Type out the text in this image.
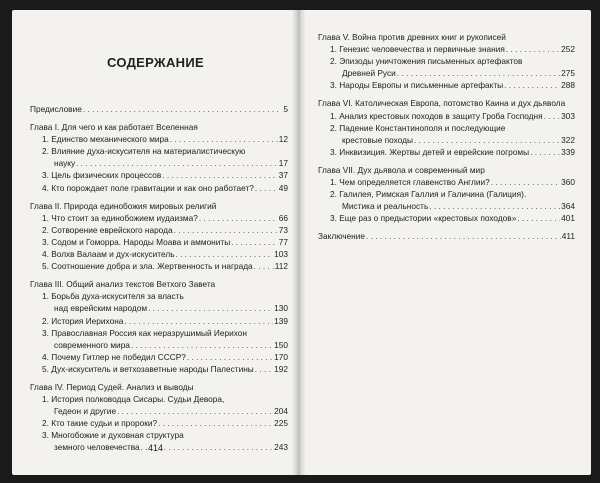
СОДЕРЖАНИЕ
Предисловие . . .	5
Глава I. Для чего и как работает Вселенная
1. Единство механического мира . . .	12
2. Влияние духа-искусителя на материалистическую
науку . . .	17
3. Цель физических процессов . . .	37
4. Кто порождает поле гравитации и как оно работает? . . .	49
Глава II. Природа единобожия мировых религий
1. Что стоит за единобожием иудаизма? . . .	66
2. Сотворение еврейского народа . . .	73
3. Содом и Гоморра. Народы Моава и аммониты . . .	77
4. Волхв Валаам и дух-искуситель . . .	103
5. Соотношение добра и зла. Жертвенность и награда . . .	112
Глава III. Общий анализ текстов Ветхого Завета
1. Борьба духа-искусителя за власть
над еврейским народом . . .	130
2. История Иерихона . . .	139
3. Православная Россия как неразрушимый Иерихон
современного мира . . .	150
4. Почему Гитлер не победил СССР? . . .	170
5. Дух-искуситель и ветхозаветные народы Палестины . . . 192
Глава IV. Период Судей. Анализ и выводы
1. История полководца Сисары. Судьи Девора,
Гедеон и другие . . .	204
2. Кто такие судьи и пророки? . . .	225
3. Многобожие и духовная структура
земного человечества . . .	243
Глава V. Война против древних книг и рукописей
1. Генезис человечества и первичные знания . . .	252
2. Эпизоды уничтожения письменных артефактов
Древней Руси . . .	275
3. Народы Европы и письменные артефакты . . .	288
Глава VI. Католическая Европа, потомство Каина и дух дьявола
1. Анализ крестовых походов в защиту Гроба Господня . . . 303
2. Падение Константинополя и последующие
крестовые походы . . .	322
3. Инквизиция. Жертвы детей и еврейские погромы . . .	339
Глава VII. Дух дьявола и современный мир
1. Чем определяется главенство Англии? . . .	360
2. Галилея, Римская Галлия и Галичина (Галиция).
Мистика и реальность . . .	364
3. Еще раз о предыстории «крестовых походов» . . .	401
Заключение . . .	411
414
